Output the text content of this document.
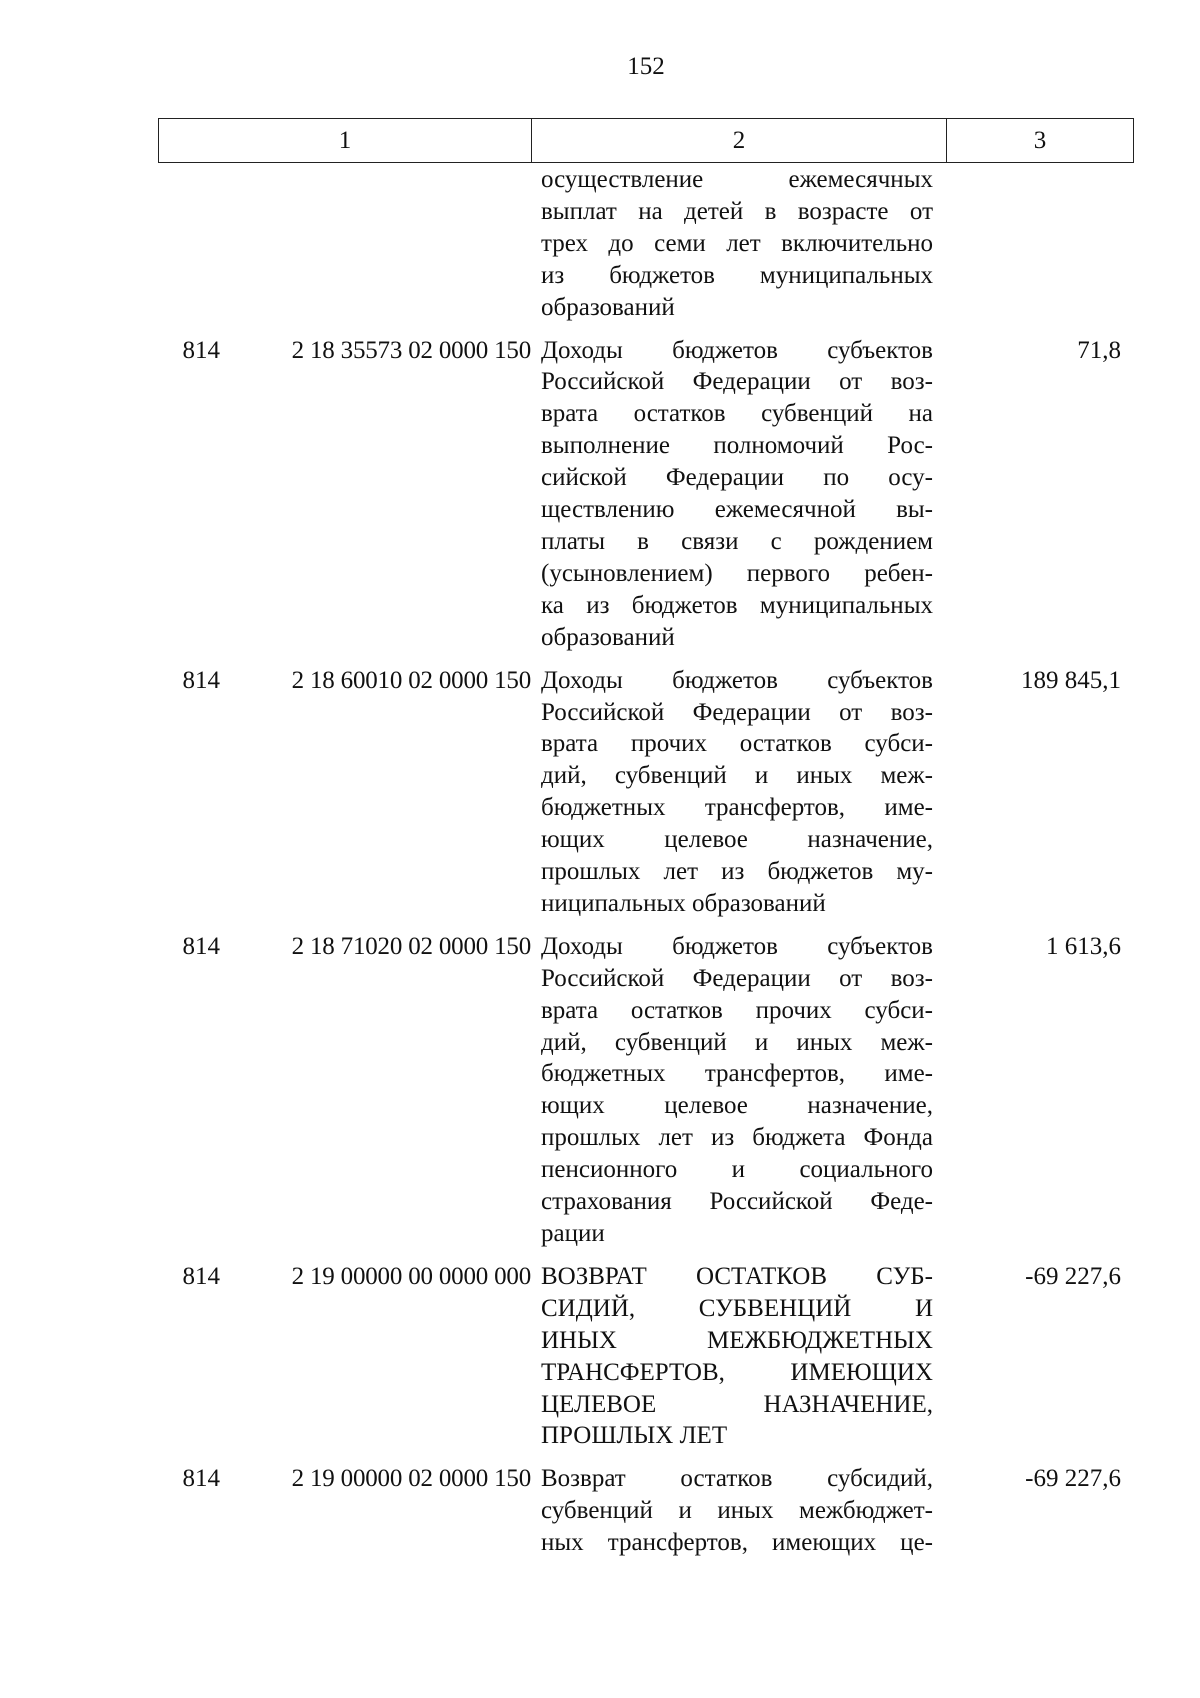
152
1	2	3
осуществление ежемесячных
выплат на детей в возрасте от
трех до семи лет включительно
из бюджетов муниципальных
образований
814	2 18 35573 02 0000 150 Доходы бюджетов субъектов
Российской Федерации от воз-
врата остатков субвенций на
выполнение полномочий Рос-
сийской Федерации по осу-
ществлению ежемесячной вы-
платы в связи с рождением
(усыновлением) первого ребен-
ка из бюджетов муниципальных
образований
71,8
814	2 18 60010 02 0000 150 Доходы бюджетов субъектов
Российской Федерации от воз-
врата прочих остатков субси-
дий, субвенций и иных меж-
бюджетных трансфертов, име-
ющих целевое назначение,
прошлых лет из бюджетов му-
ниципальных образований
189 845,1
814	2 18 71020 02 0000 150 Доходы бюджетов субъектов
Российской Федерации от воз-
врата остатков прочих субси-
дий, субвенций и иных меж-
бюджетных трансфертов, име-
ющих целевое назначение,
прошлых лет из бюджета Фонда
пенсионного и социального
страхования Российской Феде-
рации
1 613,6
814	2 19 00000 00 0000 000 ВОЗВРАТ ОСТАТКОВ СУБ-
СИДИЙ, СУБВЕНЦИЙ И
ИНЫХ МЕЖБЮДЖЕТНЫХ
ТРАНСФЕРТОВ, ИМЕЮЩИХ
ЦЕЛЕВОЕ НАЗНАЧЕНИЕ,
ПРОШЛЫХ ЛЕТ
-69 227,6
814	2 19 00000 02 0000 150 Возврат остатков субсидий,
субвенций и иных межбюджет-
ных трансфертов, имеющих це-
-69 227,6
